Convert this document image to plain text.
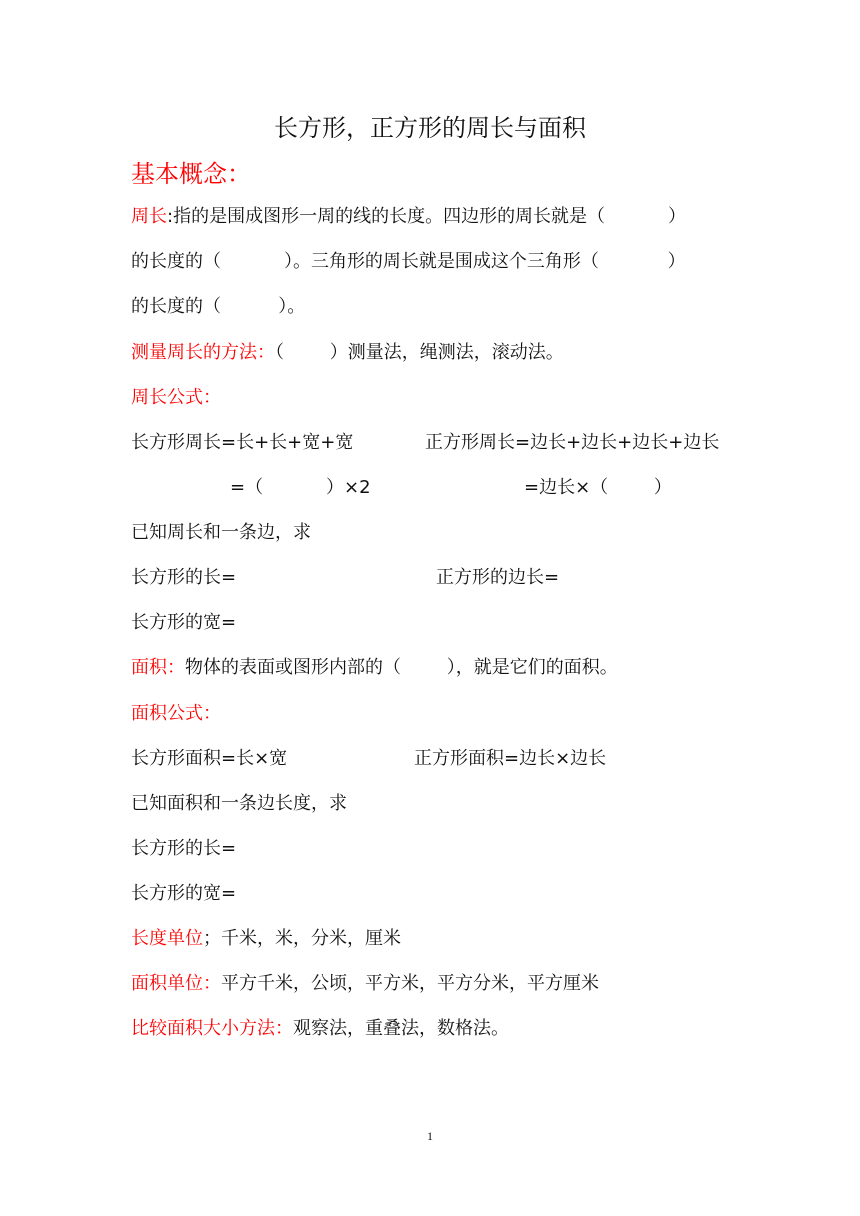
长方形，正方形的周长与面积
基本概念：
周长:指的是围成图形一周的线的长度。四边形的周长就是（           ）
的长度的（           ）。三角形的周长就是围成这个三角形（            ）
的长度的（          ）。
测量周长的方法：（        ）测量法，绳测法，滚动法。
周长公式：
长方形周长=长+长+宽+宽	正方形周长=边长+边长+边长+边长
=（           ）×2	=边长×（        ）
已知周长和一条边，求
长方形的长=	正方形的边长=
长方形的宽=
面积：物体的表面或图形内部的（        ），就是它们的面积。
面积公式：
长方形面积=长×宽	正方形面积=边长×边长
已知面积和一条边长度，求
长方形的长=
长方形的宽=
长度单位；千米，米，分米，厘米
面积单位：平方千米，公顷，平方米，平方分米，平方厘米
比较面积大小方法：观察法，重叠法，数格法。
1
